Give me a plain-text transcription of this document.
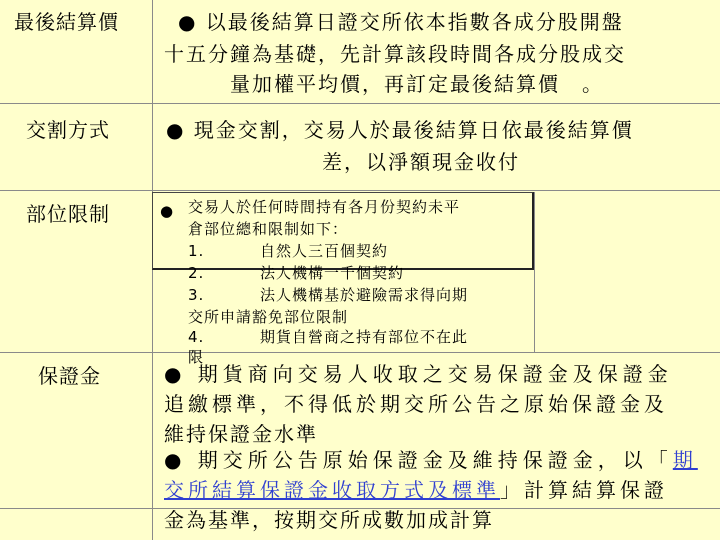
最後結算價	● 以最後結算日證交所依本指數各成分股開盤
十五分鐘為基礎，先計算該段時間各成分股成交
量加權平均價，再訂定最後結算價　。
交割方式	● 現金交割，交易人於最後結算日依最後結算價
差，以淨額現金收付
部位限制	● 交易人於任何時間持有各月份契約未平
倉部位總和限制如下：
1.	自然人三百個契約
2.	法人機構一千個契約
3.	法人機構基於避險需求得向期
交所申請豁免部位限制
4.	期貨自營商之持有部位不在此
限
保證金	● 期貨商向交易人收取之交易保證金及保證金
追繳標準，不得低於期交所公告之原始保證金及
維持保證金水準
● 期交所公告原始保證金及維持保證金，以「期
交所結算保證金收取方式及標準」計算結算保證
金為基準，按期交所成數加成計算
